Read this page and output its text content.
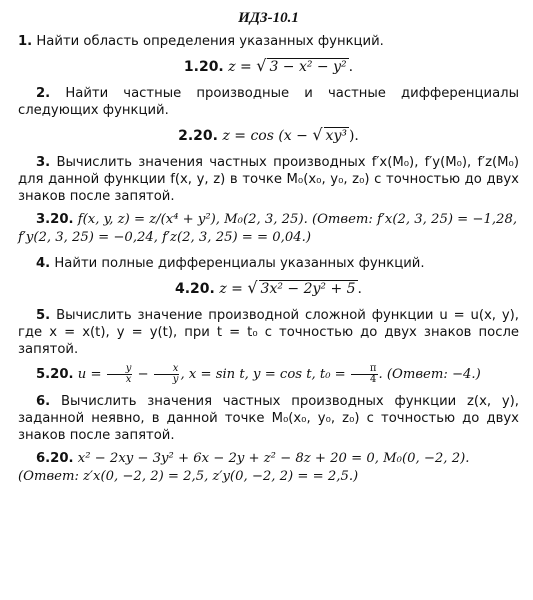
ИДЗ-10.1

1. Найти область определения указанных функций.

1.20. z = √ 3 − x² − y² .

2. Найти частные производные и частные дифференциалы следующих функций.

2.20. z = cos (x − √ xy³ ).

3. Вычислить значения частных производных f′x(M₀), f′y(M₀), f′z(M₀) для данной функции f(x, y, z) в точке M₀(x₀, y₀, z₀) с точностью до двух знаков после запятой.

3.20. f(x, y, z) = z/(x⁴ + y²), M₀(2, 3, 25). (Ответ: f′x(2, 3, 25) = −1,28, f′y(2, 3, 25) = −0,24, f′z(2, 3, 25) = = 0,04.)

4. Найти полные дифференциалы указанных функций.

4.20. z = √ 3x² − 2y² + 5 .

5. Вычислить значение производной сложной функции u = u(x, y), где x = x(t), y = y(t), при t = t₀ с точностью до двух знаков после запятой.

5.20. $u = \frac{y}{x} - \frac{x}{y}$ , x = sin t, y = cos t, $t_0 = \frac{\pi}{4}$ . (Ответ: −4.)

6. Вычислить значения частных производных функции z(x, y), заданной неявно, в данной точке M₀(x₀, y₀, z₀) с точностью до двух знаков после запятой.

6.20. x² − 2xy − 3y² + 6x − 2y + z² − 8z + 20 = 0, M₀(0, −2, 2). (Ответ: z′x(0, −2, 2) = 2,5, z′y(0, −2, 2) = = 2,5.)
